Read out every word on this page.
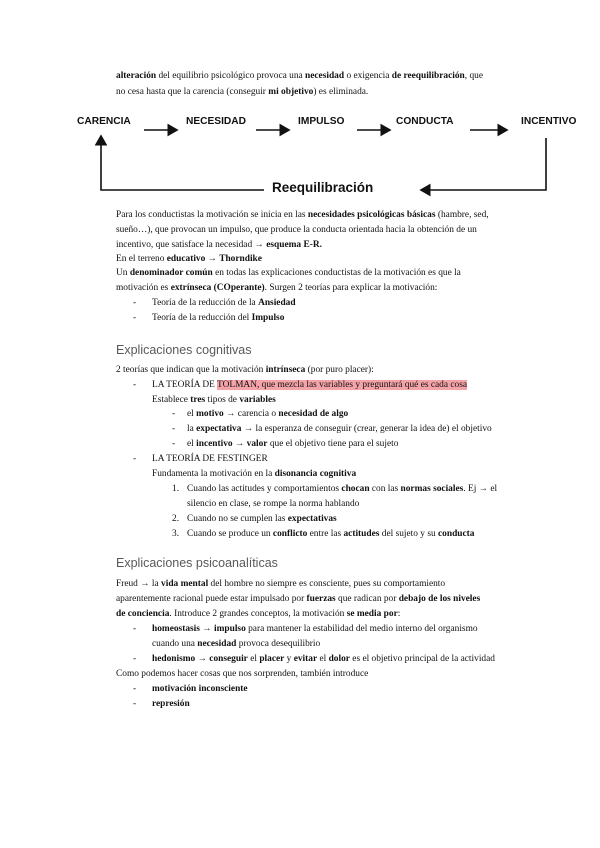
alteración del equilibrio psicológico provoca una necesidad o exigencia de reequilibración, que
no cesa hasta que la carencia (conseguir mi objetivo) es eliminada.
CARENCIA	NECESIDAD	IMPULSO	CONDUCTA	INCENTIVO
Reequilibración
Para los conductistas la motivación se inicia en las necesidades psicológicas básicas (hambre, sed,
sueño…), que provocan un impulso, que produce la conducta orientada hacia la obtención de un
incentivo, que satisface la necesidad → esquema E-R.
En el terreno educativo → Thorndike
Un denominador común en todas las explicaciones conductistas de la motivación es que la
motivación es extrínseca (COperante). Surgen 2 teorías para explicar la motivación:
- Teoría de la reducción de la Ansiedad
- Teoría de la reducción del Impulso
Explicaciones cognitivas
2 teorías que indican que la motivación intrínseca (por puro placer):
- LA TEORÍA DE TOLMAN, que mezcla las variables y preguntará qué es cada cosa
Establece tres tipos de variables
- el motivo → carencia o necesidad de algo
- la expectativa → la esperanza de conseguir (crear, generar la idea de) el objetivo
- el incentivo → valor que el objetivo tiene para el sujeto
- LA TEORÍA DE FESTINGER
Fundamenta la motivación en la disonancia cognitiva
1. Cuando las actitudes y comportamientos chocan con las normas sociales. Ej → el
silencio en clase, se rompe la norma hablando
2. Cuando no se cumplen las expectativas
3. Cuando se produce un conflicto entre las actitudes del sujeto y su conducta
Explicaciones psicoanalíticas
Freud → la vida mental del hombre no siempre es consciente, pues su comportamiento
aparentemente racional puede estar impulsado por fuerzas que radican por debajo de los niveles
de conciencia. Introduce 2 grandes conceptos, la motivación se media por:
- homeostasis → impulso para mantener la estabilidad del medio interno del organismo
cuando una necesidad provoca desequilibrio
- hedonismo → conseguir el placer y evitar el dolor es el objetivo principal de la actividad
Como podemos hacer cosas que nos sorprenden, también introduce
- motivación inconsciente
- represión
